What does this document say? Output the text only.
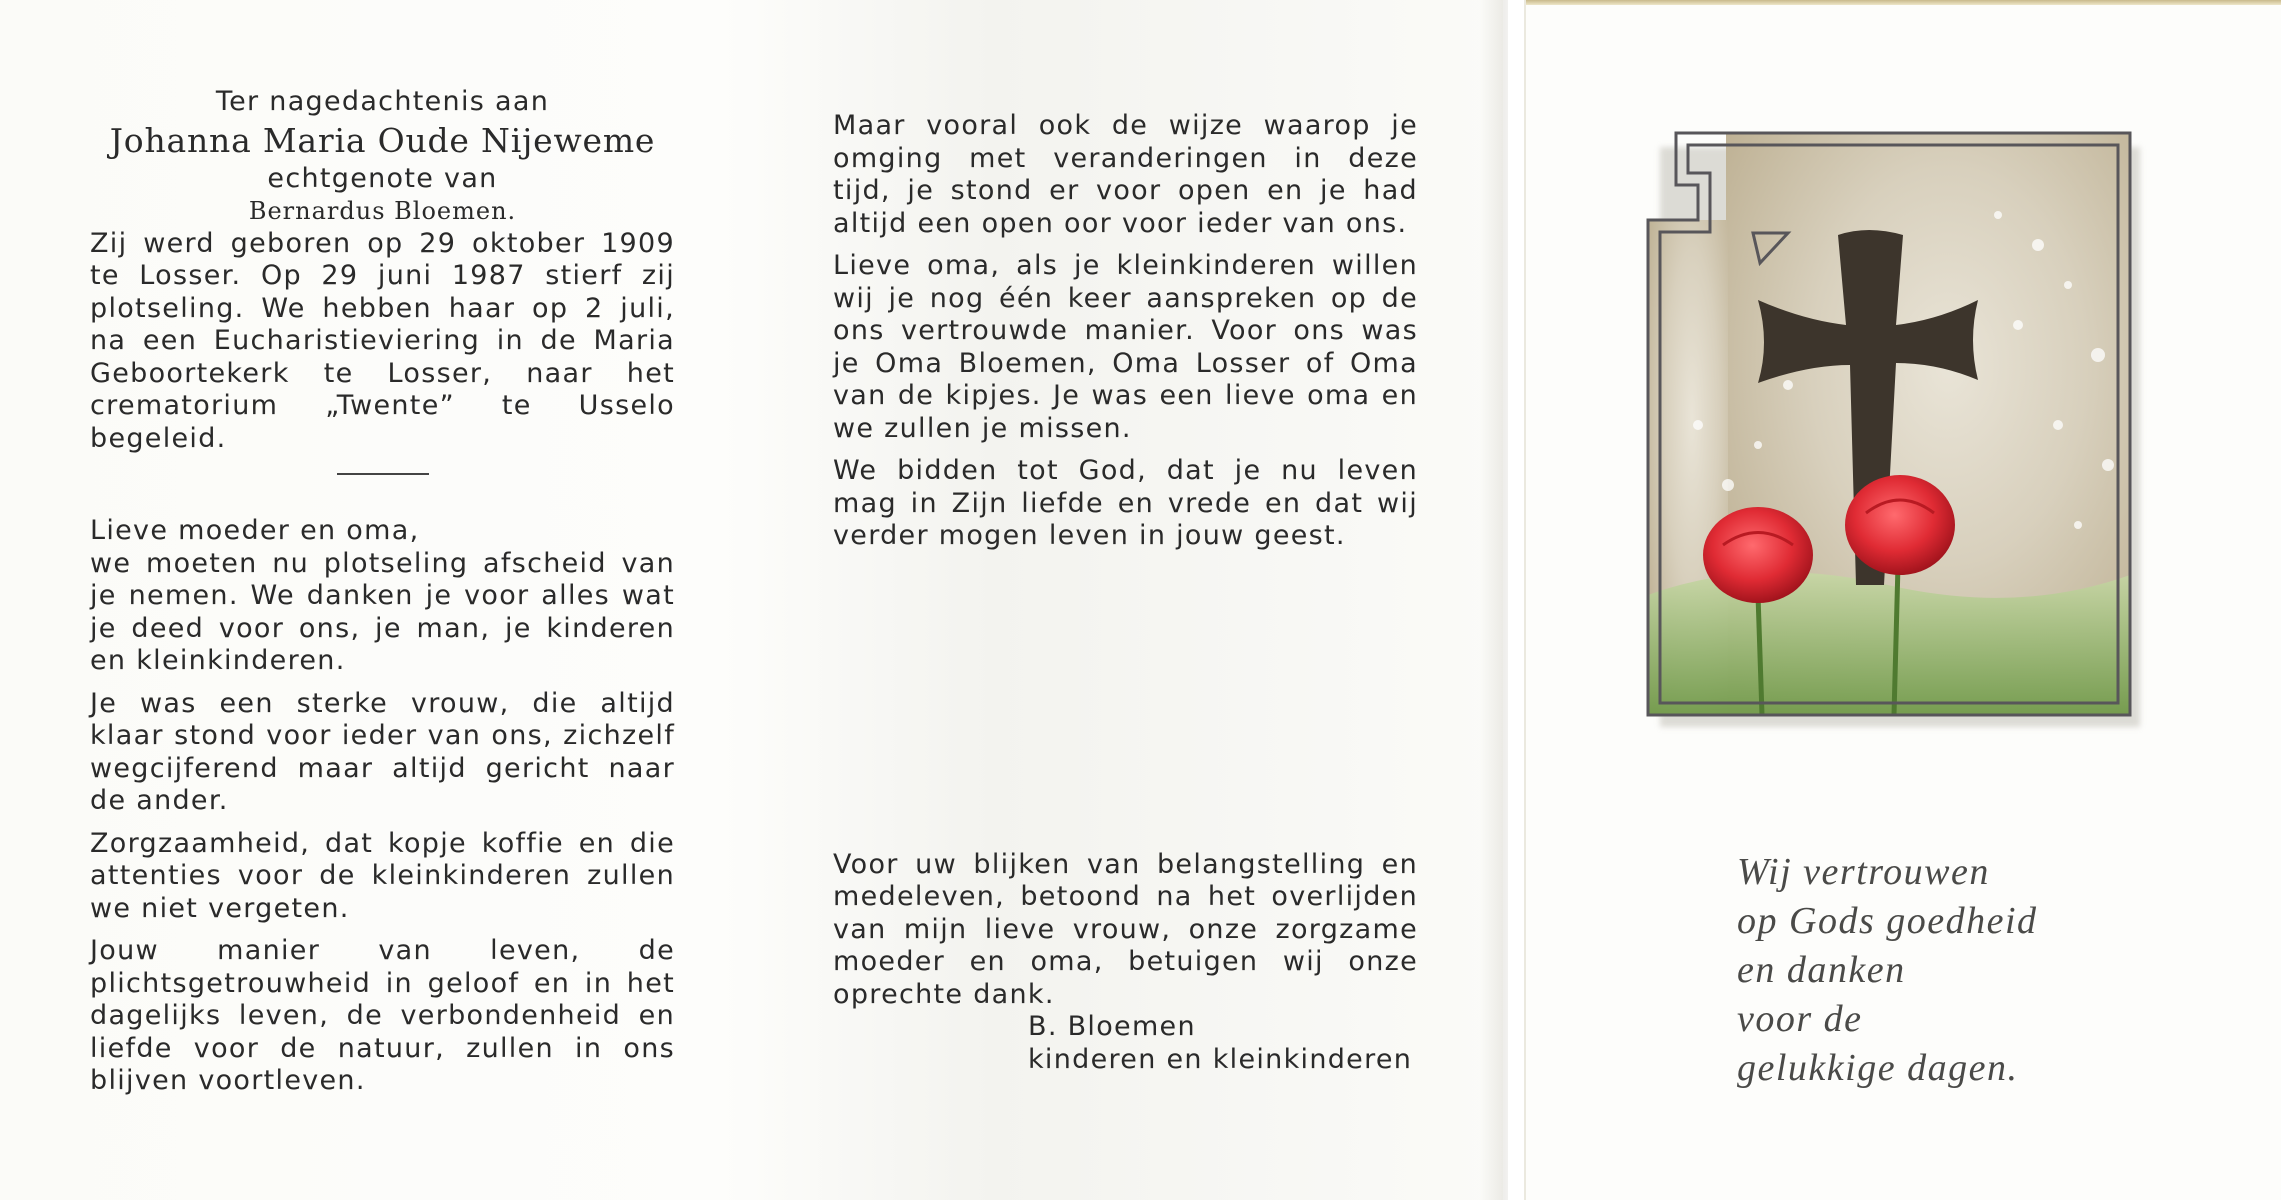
Ter nagedachtenis aan

Johanna Maria Oude Nijeweme

echtgenote van

Bernardus Bloemen.

Zij werd geboren op 29 oktober 1909 te Losser. Op 29 juni 1987 stierf zij plotseling. We hebben haar op 2 juli, na een Eucharistieviering in de Maria Geboortekerk te Losser, naar het crematorium „Twente” te Usselo begeleid.

Lieve moeder en oma,

we moeten nu plotseling afscheid van je nemen. We danken je voor alles wat je deed voor ons, je man, je kinderen en kleinkinderen.

Je was een sterke vrouw, die altijd klaar stond voor ieder van ons, zichzelf wegcijferend maar altijd gericht naar de ander.

Zorgzaamheid, dat kopje koffie en die attenties voor de kleinkinderen zullen we niet vergeten.

Jouw manier van leven, de plichtsgetrouwheid in geloof en in het dagelijks leven, de verbondenheid en liefde voor de natuur, zullen in ons blijven voortleven.

Maar vooral ook de wijze waarop je omging met veranderingen in deze tijd, je stond er voor open en je had altijd een open oor voor ieder van ons.

Lieve oma, als je kleinkinderen willen wij je nog één keer aanspreken op de ons vertrouwde manier. Voor ons was je Oma Bloemen, Oma Losser of Oma van de kipjes. Je was een lieve oma en we zullen je missen.

We bidden tot God, dat je nu leven mag in Zijn liefde en vrede en dat wij verder mogen leven in jouw geest.

Voor uw blijken van belangstelling en medeleven, betoond na het overlijden van mijn lieve vrouw, onze zorgzame moeder en oma, betuigen wij onze oprechte dank.

B. Bloemen

kinderen en kleinkinderen

Wij vertrouwen
op Gods goedheid
en danken
voor de
gelukkige dagen.
